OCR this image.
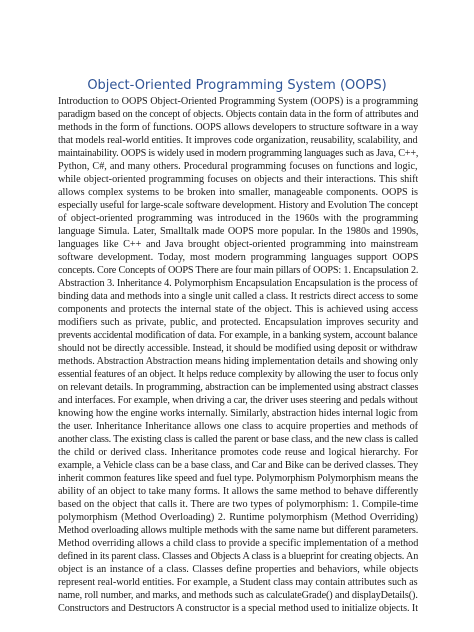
Object-Oriented Programming System (OOPS)
Introduction to OOPS Object-Oriented Programming System (OOPS) is a programming
paradigm based on the concept of objects. Objects contain data in the form of attributes and
methods in the form of functions. OOPS allows developers to structure software in a way
that models real-world entities. It improves code organization, reusability, scalability, and
maintainability. OOPS is widely used in modern programming languages such as Java, C++,
Python, C#, and many others. Procedural programming focuses on functions and logic,
while object-oriented programming focuses on objects and their interactions. This shift
allows complex systems to be broken into smaller, manageable components. OOPS is
especially useful for large-scale software development. History and Evolution The concept
of object-oriented programming was introduced in the 1960s with the programming
language Simula. Later, Smalltalk made OOPS more popular. In the 1980s and 1990s,
languages like C++ and Java brought object-oriented programming into mainstream
software development. Today, most modern programming languages support OOPS
concepts. Core Concepts of OOPS There are four main pillars of OOPS: 1. Encapsulation 2.
Abstraction 3. Inheritance 4. Polymorphism Encapsulation Encapsulation is the process of
binding data and methods into a single unit called a class. It restricts direct access to some
components and protects the internal state of the object. This is achieved using access
modifiers such as private, public, and protected. Encapsulation improves security and
prevents accidental modification of data. For example, in a banking system, account balance
should not be directly accessible. Instead, it should be modified using deposit or withdraw
methods. Abstraction Abstraction means hiding implementation details and showing only
essential features of an object. It helps reduce complexity by allowing the user to focus only
on relevant details. In programming, abstraction can be implemented using abstract classes
and interfaces. For example, when driving a car, the driver uses steering and pedals without
knowing how the engine works internally. Similarly, abstraction hides internal logic from
the user. Inheritance Inheritance allows one class to acquire properties and methods of
another class. The existing class is called the parent or base class, and the new class is called
the child or derived class. Inheritance promotes code reuse and logical hierarchy. For
example, a Vehicle class can be a base class, and Car and Bike can be derived classes. They
inherit common features like speed and fuel type. Polymorphism Polymorphism means the
ability of an object to take many forms. It allows the same method to behave differently
based on the object that calls it. There are two types of polymorphism: 1. Compile-time
polymorphism (Method Overloading) 2. Runtime polymorphism (Method Overriding)
Method overloading allows multiple methods with the same name but different parameters.
Method overriding allows a child class to provide a specific implementation of a method
defined in its parent class. Classes and Objects A class is a blueprint for creating objects. An
object is an instance of a class. Classes define properties and behaviors, while objects
represent real-world entities. For example, a Student class may contain attributes such as
name, roll number, and marks, and methods such as calculateGrade() and displayDetails().
Constructors and Destructors A constructor is a special method used to initialize objects. It
